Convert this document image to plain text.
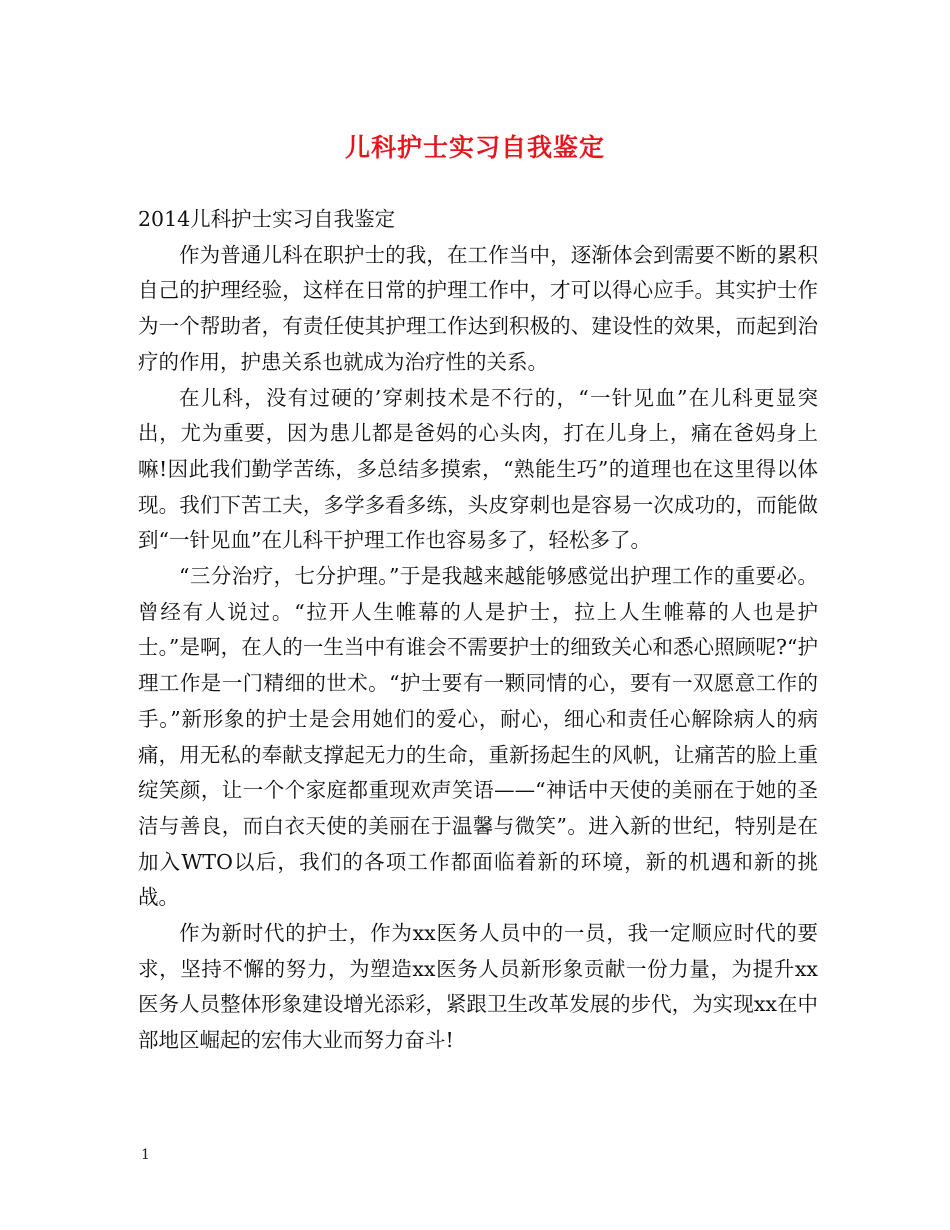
儿科护士实习自我鉴定

2014儿科护士实习自我鉴定

作为普通儿科在职护士的我，在工作当中，逐渐体会到需要不断的累积自己的护理经验，这样在日常的护理工作中，才可以得心应手。其实护士作为一个帮助者，有责任使其护理工作达到积极的、建设性的效果，而起到治疗的作用，护患关系也就成为治疗性的关系。

在儿科，没有过硬的’穿刺技术是不行的，“一针见血”在儿科更显突出，尤为重要，因为患儿都是爸妈的心头肉，打在儿身上，痛在爸妈身上嘛!因此我们勤学苦练，多总结多摸索，“熟能生巧”的道理也在这里得以体现。我们下苦工夫，多学多看多练，头皮穿刺也是容易一次成功的，而能做到“一针见血”在儿科干护理工作也容易多了，轻松多了。

“三分治疗，七分护理。”于是我越来越能够感觉出护理工作的重要必。曾经有人说过。“拉开人生帷幕的人是护士，拉上人生帷幕的人也是护士。”是啊，在人的一生当中有谁会不需要护士的细致关心和悉心照顾呢?“护理工作是一门精细的世术。“护士要有一颗同情的心，要有一双愿意工作的手。”新形象的护士是会用她们的爱心，耐心，细心和责任心解除病人的病痛，用无私的奉献支撑起无力的生命，重新扬起生的风帆，让痛苦的脸上重绽笑颜，让一个个家庭都重现欢声笑语——“神话中天使的美丽在于她的圣洁与善良，而白衣天使的美丽在于温馨与微笑”。进入新的世纪，特别是在加入WTO以后，我们的各项工作都面临着新的环境，新的机遇和新的挑战。

作为新时代的护士，作为xx医务人员中的一员，我一定顺应时代的要求，坚持不懈的努力，为塑造xx医务人员新形象贡献一份力量，为提升xx医务人员整体形象建设增光添彩，紧跟卫生改革发展的步代，为实现xx在中部地区崛起的宏伟大业而努力奋斗!

1
